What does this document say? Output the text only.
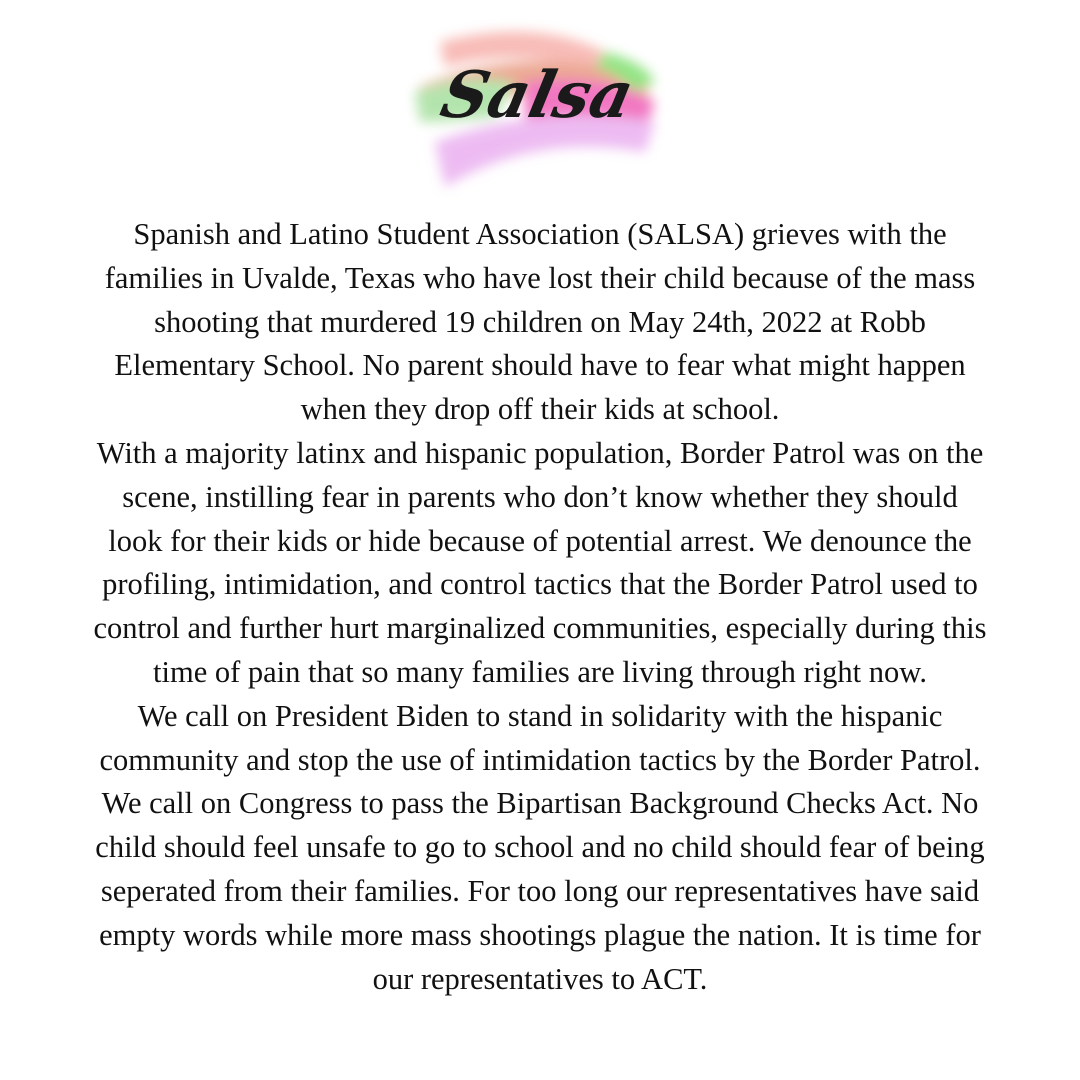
Salsa
Spanish and Latino Student Association (SALSA) grieves with the
families in Uvalde, Texas who have lost their child because of the mass
shooting that murdered 19 children on May 24th, 2022 at Robb
Elementary School. No parent should have to fear what might happen
when they drop off their kids at school.
With a majority latinx and hispanic population, Border Patrol was on the
scene, instilling fear in parents who don’t know whether they should
look for their kids or hide because of potential arrest. We denounce the
profiling, intimidation, and control tactics that the Border Patrol used to
control and further hurt marginalized communities, especially during this
time of pain that so many families are living through right now.
We call on President Biden to stand in solidarity with the hispanic
community and stop the use of intimidation tactics by the Border Patrol.
We call on Congress to pass the Bipartisan Background Checks Act. No
child should feel unsafe to go to school and no child should fear of being
seperated from their families. For too long our representatives have said
empty words while more mass shootings plague the nation. It is time for
our representatives to ACT.
